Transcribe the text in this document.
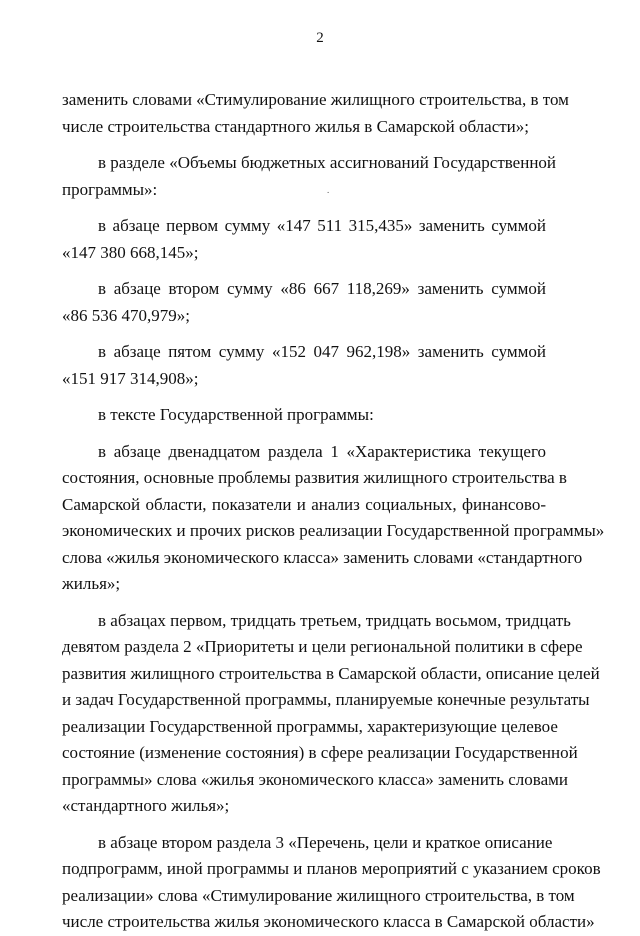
2
.
заменить словами «Стимулирование жилищного строительства, в том
числе строительства стандартного жилья в Самарской области»;
в разделе «Объемы бюджетных ассигнований Государственной
программы»:
в абзаце первом сумму «147 511 315,435» заменить суммой
«147 380 668,145»;
в абзаце втором сумму «86 667 118,269» заменить суммой
«86 536 470,979»;
в абзаце пятом сумму «152 047 962,198» заменить суммой
«151 917 314,908»;
в тексте Государственной программы:
в абзаце двенадцатом раздела 1 «Характеристика текущего
состояния, основные проблемы развития жилищного строительства в
Самарской области, показатели и анализ социальных, финансово-
экономических и прочих рисков реализации Государственной программы»
слова «жилья экономического класса» заменить словами «стандартного
жилья»;
в абзацах первом, тридцать третьем, тридцать восьмом, тридцать
девятом раздела 2 «Приоритеты и цели региональной политики в сфере
развития жилищного строительства в Самарской области, описание целей
и задач Государственной программы, планируемые конечные результаты
реализации Государственной программы, характеризующие целевое
состояние (изменение состояния) в сфере реализации Государственной
программы» слова «жилья экономического класса» заменить словами
«стандартного жилья»;
в абзаце втором раздела 3 «Перечень, цели и краткое описание
подпрограмм, иной программы и планов мероприятий с указанием сроков
реализации» слова «Стимулирование жилищного строительства, в том
числе строительства жилья экономического класса в Самарской области»
